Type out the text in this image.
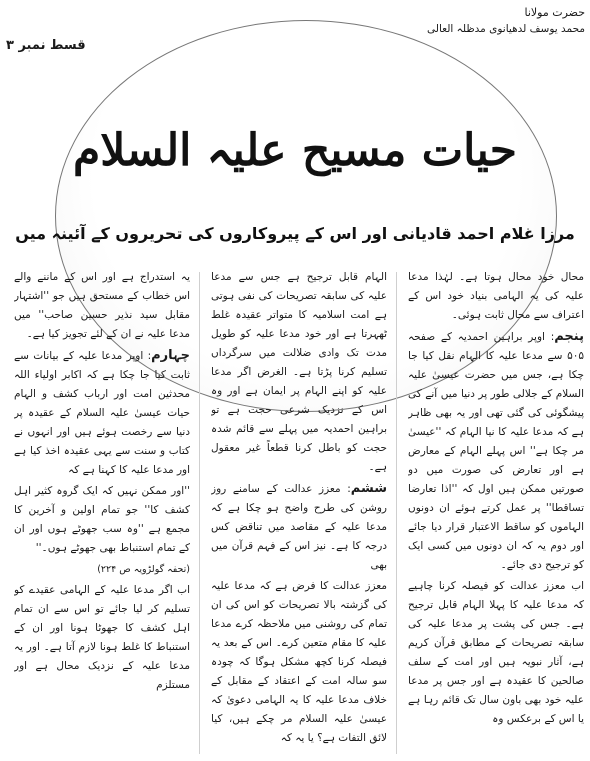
حضرت مولانا
محمد یوسف لدھیانوی مدظلہ العالی
قسط نمبر ۳
حیات مسیح علیہ السلام
مرزا غلام احمد قادیانی اور اس کے پیروکاروں کی تحریروں کے آئینہ میں

محال خود محال ہوتا ہے۔ لہٰذا مدعا علیہ کی یہ الہامی بنیاد خود اس کے اعتراف سے محال ثابت ہوئی۔

پنجم: اوپر براہین احمدیہ کے صفحہ ۵۰۵ سے مدعا علیہ کا الہام نقل کیا جا چکا ہے، جس میں حضرت عیسیٰ علیہ السلام کے جلالی طور پر دنیا میں آنے کی پیشگوئی کی گئی تھی اور یہ بھی ظاہر ہے کہ مدعا علیہ کا نیا الہام کہ ''عیسیٰ مر چکا ہے'' اس پہلے الہام کے معارض ہے اور تعارض کی صورت میں دو صورتیں ممکن ہیں اول کہ ''اذا تعارضا تساقطا'' پر عمل کرتے ہوئے ان دونوں الہاموں کو ساقط الاعتبار قرار دیا جائے اور دوم یہ کہ ان دونوں میں کسی ایک کو ترجیح دی جائے۔

اب معزز عدالت کو فیصلہ کرنا چاہیے کہ مدعا علیہ کا پہلا الہام قابل ترجیح ہے۔ جس کی پشت پر مدعا علیہ کی سابقہ تصریحات کے مطابق قرآن کریم ہے، آثار نبویہ ہیں اور امت کے سلف صالحین کا عقیدہ ہے اور جس پر مدعا علیہ خود بھی باون سال تک قائم رہا ہے یا اس کے برعکس وہ

الہام قابل ترجیح ہے جس سے مدعا علیہ کی سابقہ تصریحات کی نفی ہوتی ہے امت اسلامیہ کا متواتر عقیدہ غلط ٹھہرتا ہے اور خود مدعا علیہ کو طویل مدت تک وادی ضلالت میں سرگرداں تسلیم کرنا پڑتا ہے۔ الغرض اگر مدعا علیہ کو اپنے الہام پر ایمان ہے اور وہ اس کے نزدیک شرعی حجت ہے تو براہین احمدیہ میں پہلے سے قائم شدہ حجت کو باطل کرنا قطعاً غیر معقول ہے۔

ششم: معزز عدالت کے سامنے روز روشن کی طرح واضح ہو چکا ہے کہ مدعا علیہ کے مقاصد میں تناقض کس درجہ کا ہے۔ نیز اس کے فہم قرآن میں بھی

معزز عدالت کا فرض ہے کہ مدعا علیہ کی گزشتہ بالا تصریحات کو اس کی ان تمام کی روشنی میں ملاحظہ کرے مدعا علیہ کا مقام متعین کرے۔ اس کے بعد یہ فیصلہ کرنا کچھ مشکل ہوگا کہ چودہ سو سالہ امت کے اعتقاد کے مقابل کے خلاف مدعا علیہ کا یہ الہامی دعویٰ کہ عیسیٰ علیہ السلام مر چکے ہیں، کیا لائق التفات ہے؟ یا یہ کہ

یہ استدراج ہے اور اس کے ماننے والے اس خطاب کے مستحق ہیں جو ''اشتہار مقابل سید نذیر حسین صاحب'' میں مدعا علیہ نے ان کے لئے تجویز کیا ہے۔

چہارم: اوپر مدعا علیہ کے بیانات سے ثابت کیا جا چکا ہے کہ اکابر اولیاء اللہ محدثین امت اور ارباب کشف و الہام حیات عیسیٰ علیہ السلام کے عقیدہ پر دنیا سے رخصت ہوئے ہیں اور انہوں نے کتاب و سنت سے یہی عقیدہ اخذ کیا ہے اور مدعا علیہ کا کہنا ہے کہ

''اور ممکن نہیں کہ ایک گروہ کثیر اہل کشف کا'' جو تمام اولین و آخرین کا مجمع ہے ''وہ سب جھوٹے ہوں اور ان کے تمام استنباط بھی جھوٹے ہوں۔''

(تحفہ گولڑویہ ص ۲۲۴)

اب اگر مدعا علیہ کے الہامی عقیدے کو تسلیم کر لیا جائے تو اس سے ان تمام اہل کشف کا جھوٹا ہونا اور ان کے استنباط کا غلط ہونا لازم آتا ہے۔ اور یہ مدعا علیہ کے نزدیک محال ہے اور مستلزم
